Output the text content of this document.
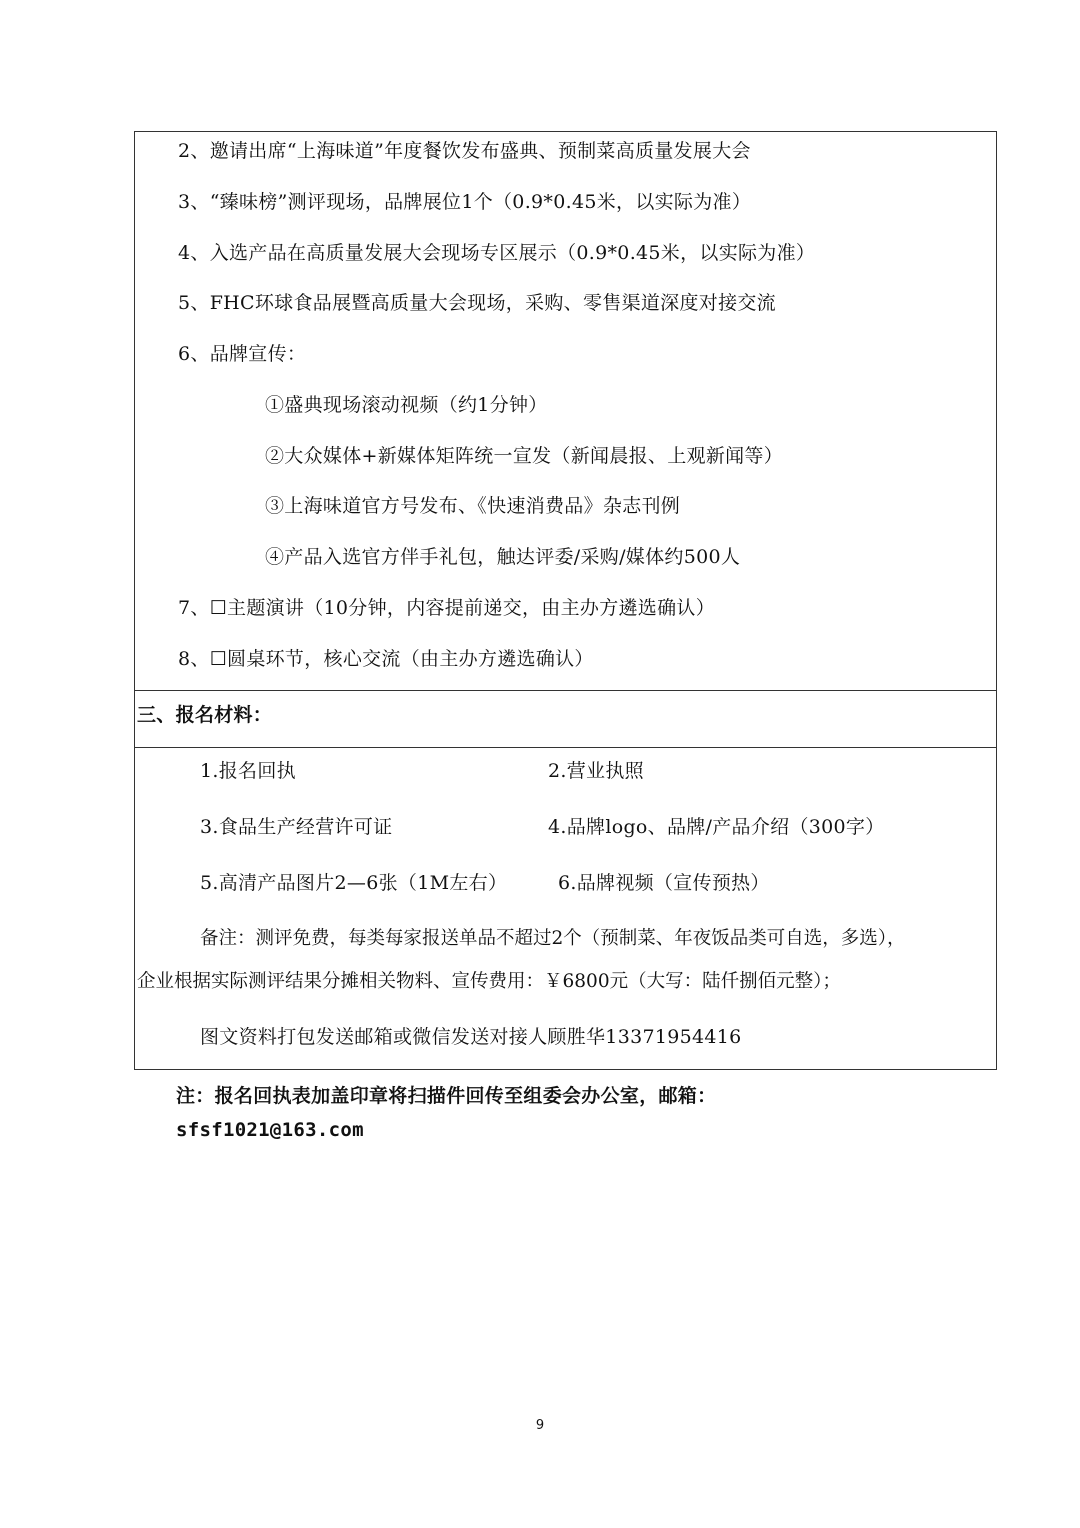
2、邀请出席“上海味道”年度餐饮发布盛典、预制菜高质量发展大会
3、“臻味榜”测评现场，品牌展位1个（0.9*0.45米，以实际为准）
4、入选产品在高质量发展大会现场专区展示（0.9*0.45米，以实际为准）
5、FHC环球食品展暨高质量大会现场，采购、零售渠道深度对接交流
6、品牌宣传：
①盛典现场滚动视频（约1分钟）
②大众媒体+新媒体矩阵统一宣发（新闻晨报、上观新闻等）
③上海味道官方号发布、《快速消费品》杂志刊例
④产品入选官方伴手礼包，触达评委/采购/媒体约500人
7、☐主题演讲（10分钟，内容提前递交，由主办方遴选确认）
8、☐圆桌环节，核心交流（由主办方遴选确认）
三、报名材料：
1.报名回执	2.营业执照
3.食品生产经营许可证	4.品牌logo、品牌/产品介绍（300字）
5.高清产品图片2—6张（1M左右）	6.品牌视频（宣传预热）
备注：测评免费，每类每家报送单品不超过2个（预制菜、年夜饭品类可自选，多选），
企业根据实际测评结果分摊相关物料、宣传费用：￥6800元（大写：陆仟捌佰元整）；
图文资料打包发送邮箱或微信发送对接人顾胜华13371954416
注：报名回执表加盖印章将扫描件回传至组委会办公室，邮箱：
sfsf1021@163.com
9
